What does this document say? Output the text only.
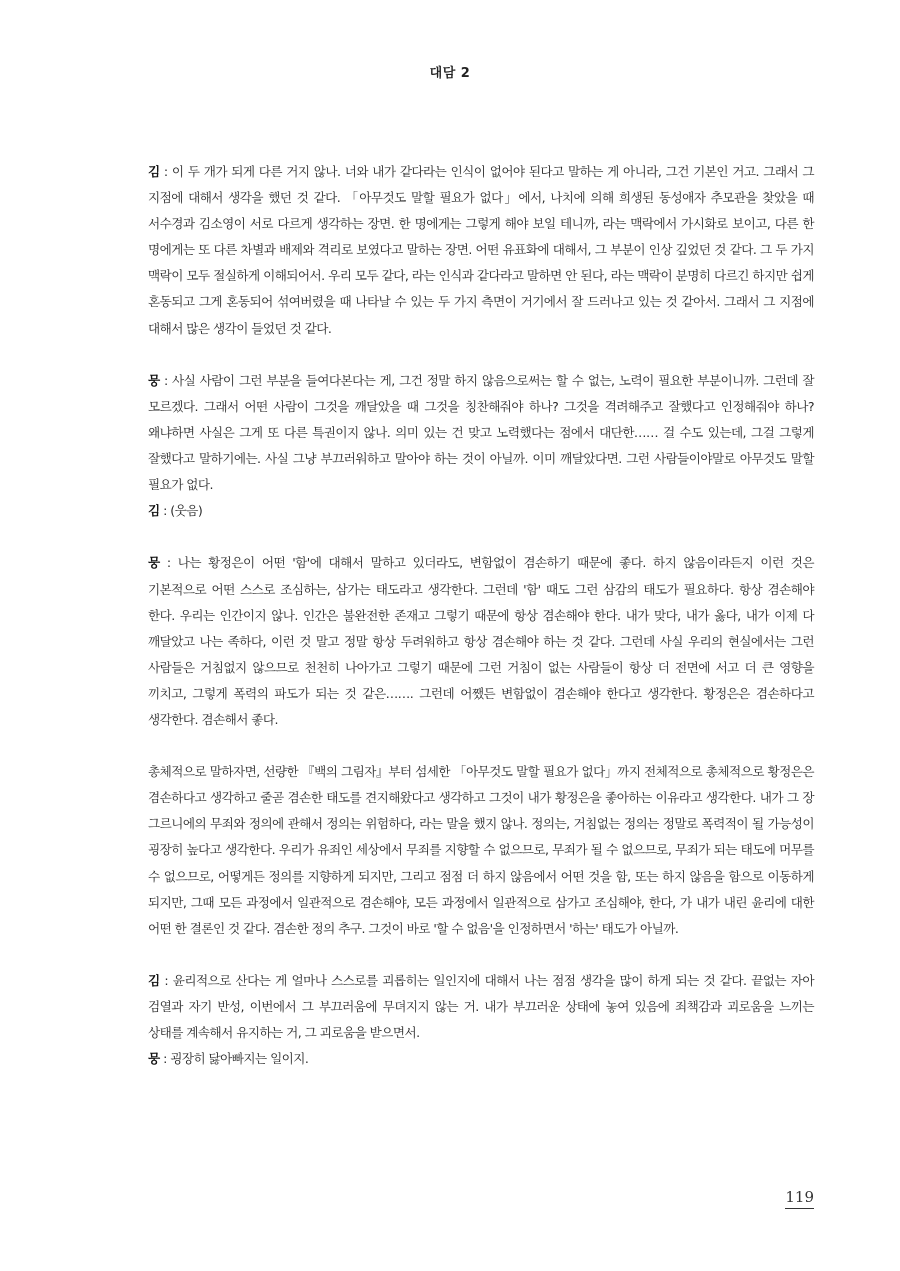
대담 2

김 : 이 두 개가 되게 다른 거지 않나. 너와 내가 같다라는 인식이 없어야 된다고 말하는 게 아니라, 그건 기본인 거고. 그래서 그 지점에 대해서 생각을 했던 것 같다. 「아무것도 말할 필요가 없다」에서, 나치에 의해 희생된 동성애자 추모관을 찾았을 때 서수경과 김소영이 서로 다르게 생각하는 장면. 한 명에게는 그렇게 해야 보일 테니까, 라는 맥락에서 가시화로 보이고, 다른 한 명에게는 또 다른 차별과 배제와 격리로 보였다고 말하는 장면. 어떤 유표화에 대해서, 그 부분이 인상 깊었던 것 같다. 그 두 가지 맥락이 모두 절실하게 이해되어서. 우리 모두 같다, 라는 인식과 같다라고 말하면 안 된다, 라는 맥락이 분명히 다르긴 하지만 쉽게 혼동되고 그게 혼동되어 섞여버렸을 때 나타날 수 있는 두 가지 측면이 거기에서 잘 드러나고 있는 것 같아서. 그래서 그 지점에 대해서 많은 생각이 들었던 것 같다.

뭉 : 사실 사람이 그런 부분을 들여다본다는 게, 그건 정말 하지 않음으로써는 할 수 없는, 노력이 필요한 부분이니까. 그런데 잘 모르겠다. 그래서 어떤 사람이 그것을 깨달았을 때 그것을 칭찬해줘야 하나? 그것을 격려해주고 잘했다고 인정해줘야 하나? 왜냐하면 사실은 그게 또 다른 특권이지 않나. 의미 있는 건 맞고 노력했다는 점에서 대단한…… 걸 수도 있는데, 그걸 그렇게 잘했다고 말하기에는. 사실 그냥 부끄러워하고 말아야 하는 것이 아닐까. 이미 깨달았다면. 그런 사람들이야말로 아무것도 말할 필요가 없다.

김 : (웃음)

뭉 : 나는 황정은이 어떤 '함'에 대해서 말하고 있더라도, 변함없이 겸손하기 때문에 좋다. 하지 않음이라든지 이런 것은 기본적으로 어떤 스스로 조심하는, 삼가는 태도라고 생각한다. 그런데 '함' 때도 그런 삼감의 태도가 필요하다. 항상 겸손해야 한다. 우리는 인간이지 않나. 인간은 불완전한 존재고 그렇기 때문에 항상 겸손해야 한다. 내가 맞다, 내가 옳다, 내가 이제 다 깨달았고 나는 족하다, 이런 것 말고 정말 항상 두려워하고 항상 겸손해야 하는 것 같다. 그런데 사실 우리의 현실에서는 그런 사람들은 거침없지 않으므로 천천히 나아가고 그렇기 때문에 그런 거침이 없는 사람들이 항상 더 전면에 서고 더 큰 영향을 끼치고, 그렇게 폭력의 파도가 되는 것 같은……. 그런데 어쨌든 변함없이 겸손해야 한다고 생각한다. 황정은은 겸손하다고 생각한다. 겸손해서 좋다.

총체적으로 말하자면, 선량한 『백의 그림자』부터 섬세한 「아무것도 말할 필요가 없다」까지 전체적으로 총체적으로 황정은은 겸손하다고 생각하고 줄곧 겸손한 태도를 견지해왔다고 생각하고 그것이 내가 황정은을 좋아하는 이유라고 생각한다. 내가 그 장 그르니에의 무죄와 정의에 관해서 정의는 위험하다, 라는 말을 했지 않나. 정의는, 거침없는 정의는 정말로 폭력적이 될 가능성이 굉장히 높다고 생각한다. 우리가 유죄인 세상에서 무죄를 지향할 수 없으므로, 무죄가 될 수 없으므로, 무죄가 되는 태도에 머무를 수 없으므로, 어떻게든 정의를 지향하게 되지만, 그리고 점점 더 하지 않음에서 어떤 것을 함, 또는 하지 않음을 함으로 이동하게 되지만, 그때 모든 과정에서 일관적으로 겸손해야, 모든 과정에서 일관적으로 삼가고 조심해야, 한다, 가 내가 내린 윤리에 대한 어떤 한 결론인 것 같다. 겸손한 정의 추구. 그것이 바로 '할 수 없음'을 인정하면서 '하는' 태도가 아닐까.

김 : 윤리적으로 산다는 게 얼마나 스스로를 괴롭히는 일인지에 대해서 나는 점점 생각을 많이 하게 되는 것 같다. 끝없는 자아 검열과 자기 반성, 이번에서 그 부끄러움에 무뎌지지 않는 거. 내가 부끄러운 상태에 놓여 있음에 죄책감과 괴로움을 느끼는 상태를 계속해서 유지하는 거, 그 괴로움을 받으면서.

뭉 : 굉장히 닳아빠지는 일이지.

119
